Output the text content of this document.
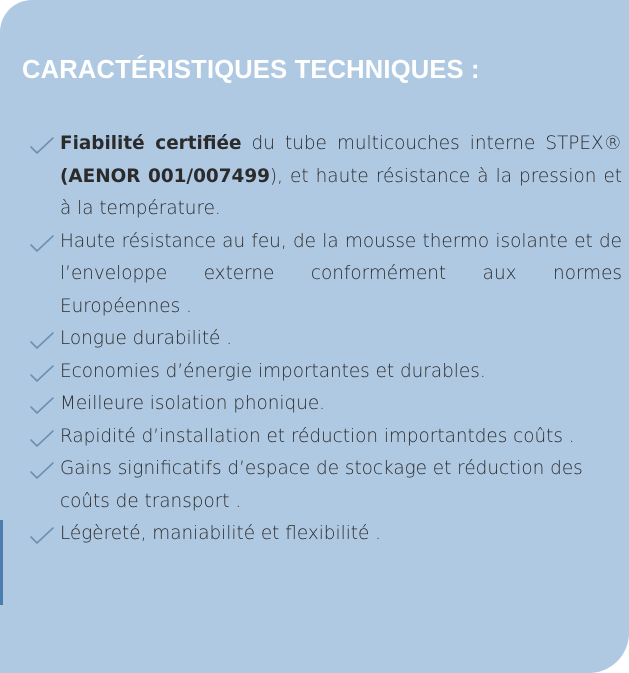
CARACTÉRISTIQUES TECHNIQUES :
Fiabilité certifiée du tube multicouches interne STPEX® (AENOR 001/007499), et haute résistance à la pression et à la température.
Haute résistance au feu, de la mousse thermo isolante et de l’enveloppe externe conformément aux normes Européennes .
Longue durabilité .
Economies d’énergie importantes et durables.
Meilleure isolation phonique.
Rapidité d’installation et réduction importantdes coûts .
Gains significatifs d’espace de stockage et réduction des coûts de transport .
Légèreté, maniabilité et flexibilité .
